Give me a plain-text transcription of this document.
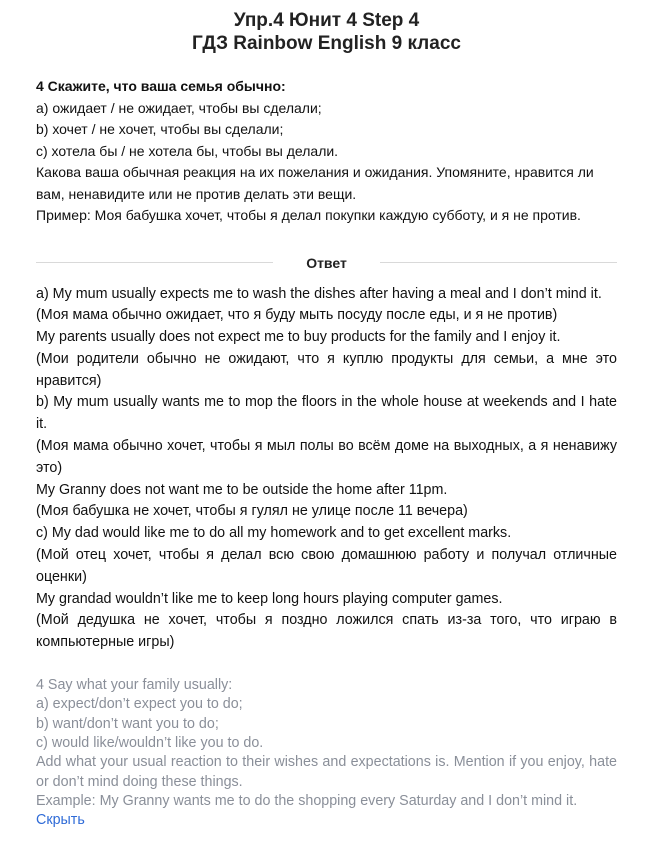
Упр.4 Юнит 4 Step 4
ГДЗ Rainbow English 9 класс
4 Скажите, что ваша семья обычно:
a) ожидает / не ожидает, чтобы вы сделали;
b) хочет / не хочет, чтобы вы сделали;
c) хотела бы / не хотела бы, чтобы вы делали.
Какова ваша обычная реакция на их пожелания и ожидания. Упомяните, нравится ли вам, ненавидите или не против делать эти вещи.
Пример: Моя бабушка хочет, чтобы я делал покупки каждую субботу, и я не против.
Ответ

a) My mum usually expects me to wash the dishes after having a meal and I don’t mind it.

(Моя мама обычно ожидает, что я буду мыть посуду после еды, и я не против)

My parents usually does not expect me to buy products for the family and I enjoy it.

(Мои родители обычно не ожидают, что я куплю продукты для семьи, а мне это нравится)

b) My mum usually wants me to mop the floors in the whole house at weekends and I hate it.

(Моя мама обычно хочет, чтобы я мыл полы во всём доме на выходных, а я ненавижу это)

My Granny does not want me to be outside the home after 11pm.

(Моя бабушка не хочет, чтобы я гулял не улице после 11 вечера)

c) My dad would like me to do all my homework and to get excellent marks.

(Мой отец хочет, чтобы я делал всю свою домашнюю работу и получал отличные оценки)

My grandad wouldn’t like me to keep long hours playing computer games.

(Мой дедушка не хочет, чтобы я поздно ложился спать из-за того, что играю в компьютерные игры)

4 Say what your family usually:

a) expect/don’t expect you to do;

b) want/don’t want you to do;

c) would like/wouldn’t like you to do.

Add what your usual reaction to their wishes and expectations is. Mention if you enjoy, hate or don’t mind doing these things.

Example: My Granny wants me to do the shopping every Saturday and I don’t mind it.

Скрыть
